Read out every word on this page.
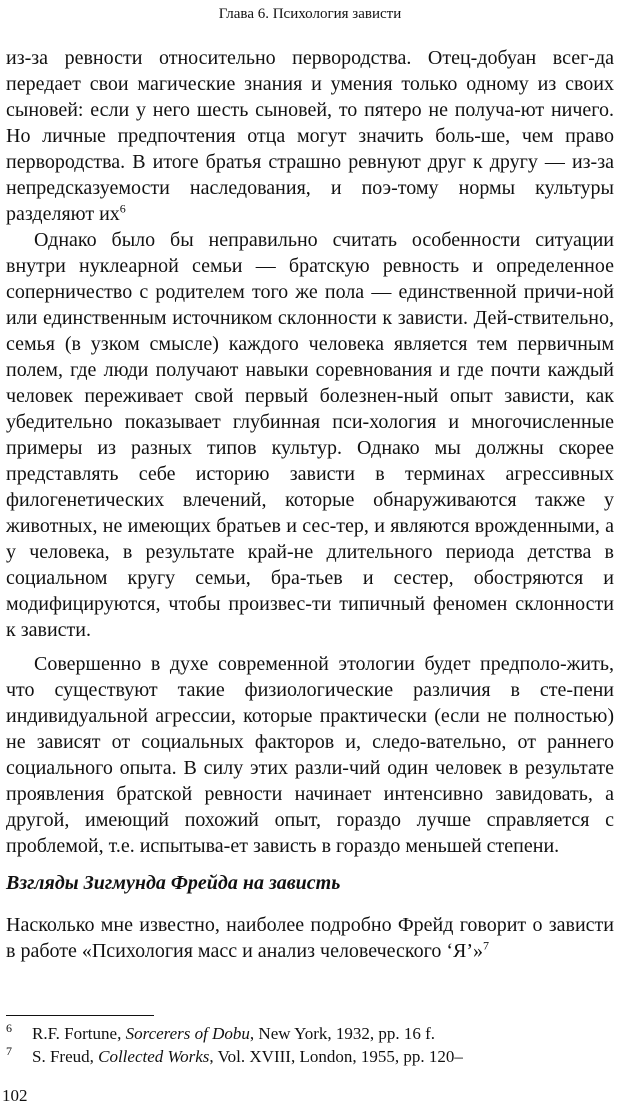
Глава 6. Психология зависти

из-за ревности относительно первородства. Отец-добуан всег-да передает свои магические знания и умения только одному из своих сыновей: если у него шесть сыновей, то пятеро не получа-ют ничего. Но личные предпочтения отца могут значить боль-ше, чем право первородства. В итоге братья страшно ревнуют друг к другу — из-за непредсказуемости наследования, и поэ-тому нормы культуры разделяют $их^6$

Однако было бы неправильно считать особенности ситуации внутри нуклеарной семьи — братскую ревность и определенное соперничество с родителем того же пола — единственной причи-ной или единственным источником склонности к зависти. Дей-ствительно, семья (в узком смысле) каждого человека является тем первичным полем, где люди получают навыки соревнования и где почти каждый человек переживает свой первый болезнен-ный опыт зависти, как убедительно показывает глубинная пси-хология и многочисленные примеры из разных типов культур. Однако мы должны скорее представлять себе историю зависти в терминах агрессивных филогенетических влечений, которые обнаруживаются также у животных, не имеющих братьев и сес-тер, и являются врожденными, а у человека, в результате край-не длительного периода детства в социальном кругу семьи, бра-тьев и сестер, обостряются и модифицируются, чтобы произвес-ти типичный феномен склонности к зависти.

Совершенно в духе современной этологии будет предполо-жить, что существуют такие физиологические различия в сте-пени индивидуальной агрессии, которые практически (если не полностью) не зависят от социальных факторов и, следо-вательно, от раннего социального опыта. В силу этих разли-чий один человек в результате проявления братской ревности начинает интенсивно завидовать, а другой, имеющий похожий опыт, гораздо лучше справляется с проблемой, т.е. испытыва-ет зависть в гораздо меньшей степени.

Взгляды Зигмунда Фрейда на зависть

Насколько мне известно, наиболее подробно Фрейд говорит о зависти в работе «Психология масс и анализ человеческого ‘Я’»$^7$

6	R.F. Fortune, Sorcerers of Dobu, New York, 1932, pp. 16 f.
7	S. Freud, Collected Works, Vol. XVIII, London, 1955, pp. 120–
102
